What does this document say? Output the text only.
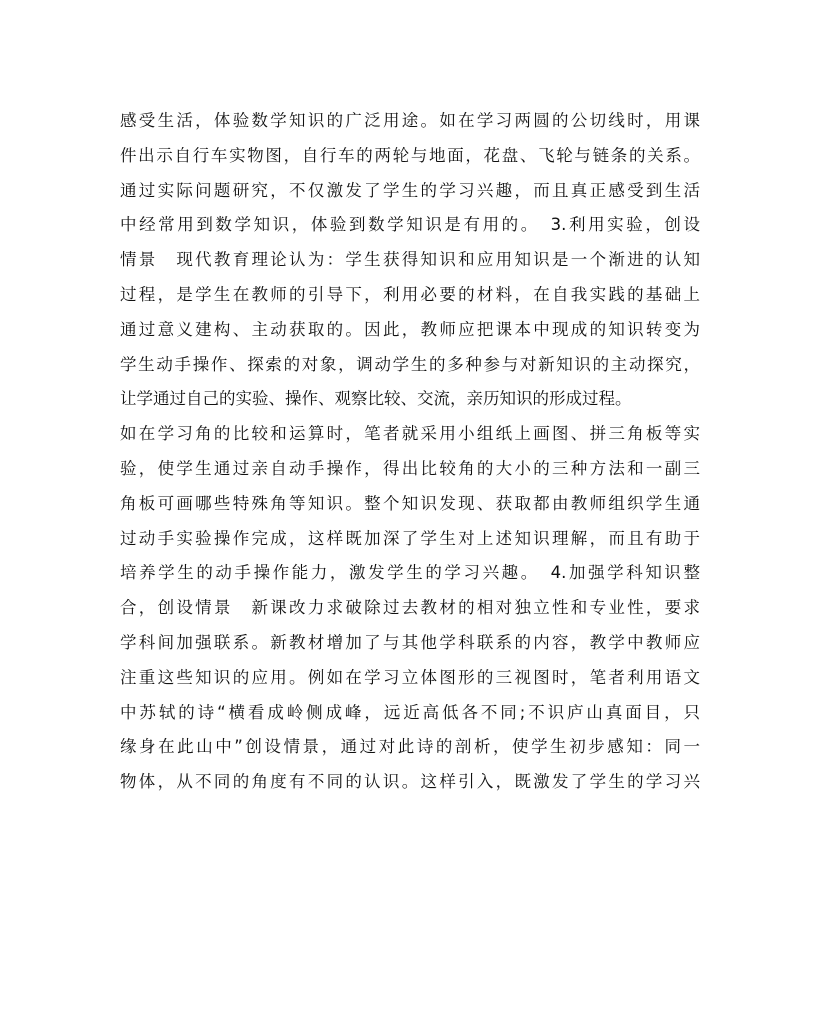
感受生活，体验数学知识的广泛用途。如在学习两圆的公切线时，用课
件出示自行车实物图，自行车的两轮与地面，花盘、飞轮与链条的关系。
通过实际问题研究，不仅激发了学生的学习兴趣，而且真正感受到生活
中经常用到数学知识，体验到数学知识是有用的。　3.利用实验，创设
情景　现代教育理论认为：学生获得知识和应用知识是一个渐进的认知
过程，是学生在教师的引导下，利用必要的材料，在自我实践的基础上
通过意义建构、主动获取的。因此，教师应把课本中现成的知识转变为
学生动手操作、探索的对象，调动学生的多种参与对新知识的主动探究，
让学通过自己的实验、操作、观察比较、交流，亲历知识的形成过程。
如在学习角的比较和运算时，笔者就采用小组纸上画图、拼三角板等实
验，使学生通过亲自动手操作，得出比较角的大小的三种方法和一副三
角板可画哪些特殊角等知识。整个知识发现、获取都由教师组织学生通
过动手实验操作完成，这样既加深了学生对上述知识理解，而且有助于
培养学生的动手操作能力，激发学生的学习兴趣。　4.加强学科知识整
合，创设情景　新课改力求破除过去教材的相对独立性和专业性，要求
学科间加强联系。新教材增加了与其他学科联系的内容，教学中教师应
注重这些知识的应用。例如在学习立体图形的三视图时，笔者利用语文
中苏轼的诗“横看成岭侧成峰，远近高低各不同;不识庐山真面目，只
缘身在此山中”创设情景，通过对此诗的剖析，使学生初步感知：同一
物体，从不同的角度有不同的认识。这样引入，既激发了学生的学习兴
